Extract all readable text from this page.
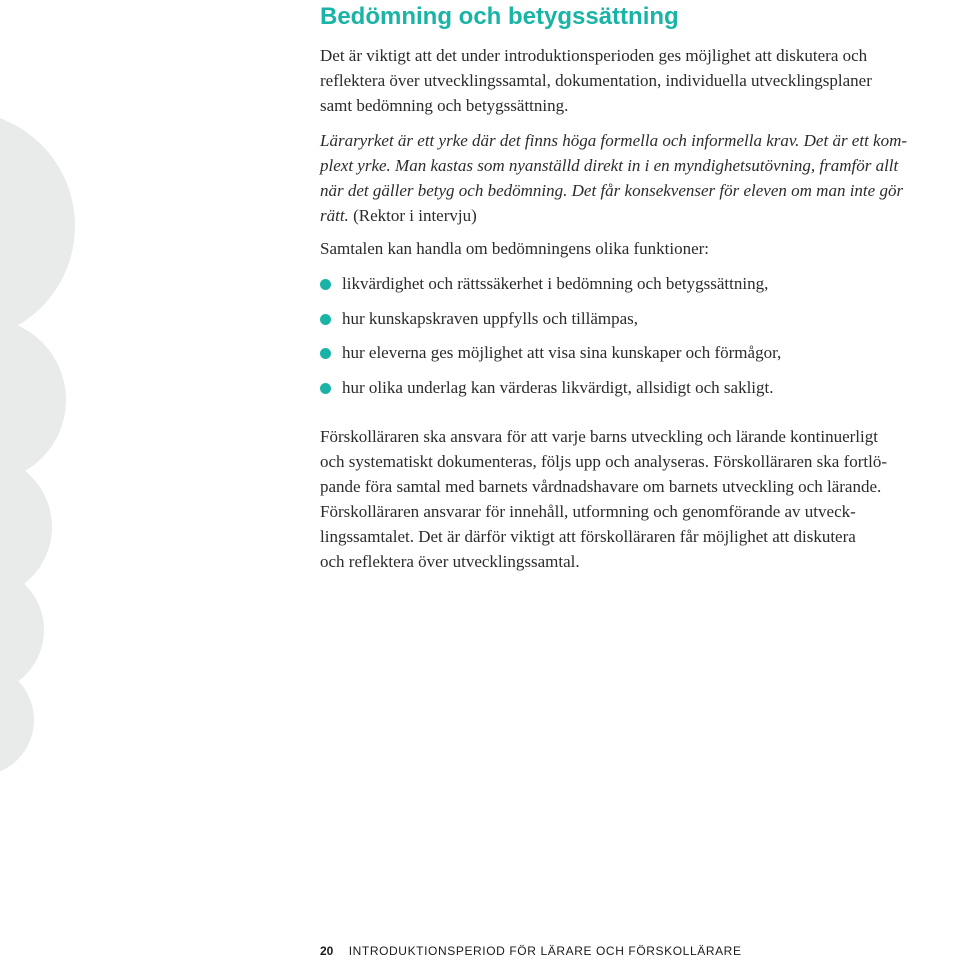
Bedömning och betygssättning

Det är viktigt att det under introduktionsperioden ges möjlighet att diskutera och
reflektera över utvecklingssamtal, dokumentation, individuella utvecklingsplaner
samt bedömning och betygssättning.

Läraryrket är ett yrke där det finns höga formella och informella krav. Det är ett kom-
plext yrke. Man kastas som nyanställd direkt in i en myndighetsutövning, framför allt
när det gäller betyg och bedömning. Det får konsekvenser för eleven om man inte gör
rätt. (Rektor i intervju)

Samtalen kan handla om bedömningens olika funktioner:

likvärdighet och rättssäkerhet i bedömning och betygssättning,
hur kunskapskraven uppfylls och tillämpas,
hur eleverna ges möjlighet att visa sina kunskaper och förmågor,
hur olika underlag kan värderas likvärdigt, allsidigt och sakligt.

Förskolläraren ska ansvara för att varje barns utveckling och lärande kontinuerligt
och systematiskt dokumenteras, följs upp och analyseras. Förskolläraren ska fortlö-
pande föra samtal med barnets vårdnadshavare om barnets utveckling och lärande.
Förskolläraren ansvarar för innehåll, utformning och genomförande av utveck-
lingssamtalet. Det är därför viktigt att förskolläraren får möjlighet att diskutera
och reflektera över utvecklingssamtal.

20 INTRODUKTIONSPERIOD FÖR LÄRARE OCH FÖRSKOLLÄRARE
